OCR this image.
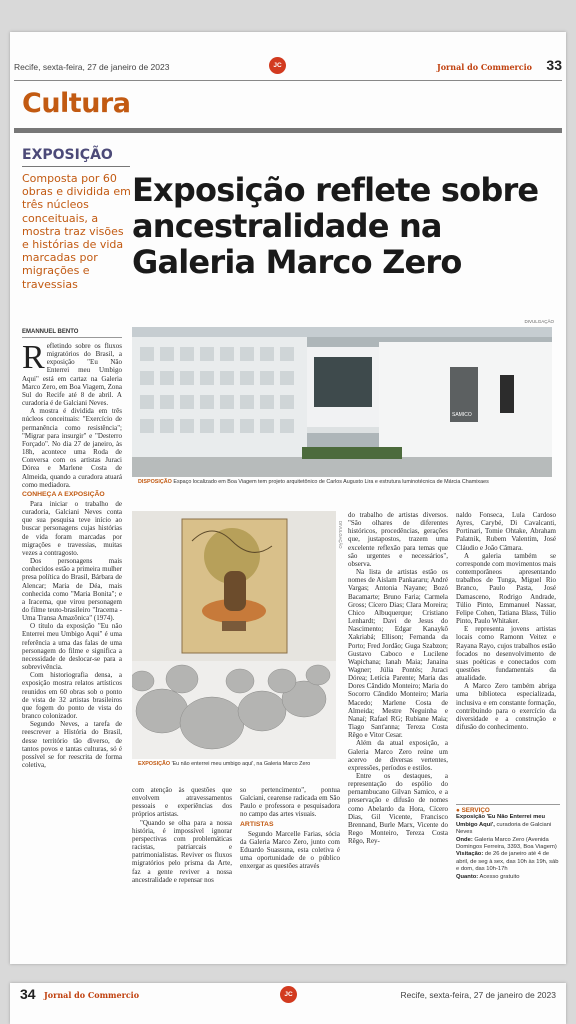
Recife, sexta-feira, 27 de janeiro de 2023	JC	Jornal do Commercio 33
Cultura
EXPOSIÇÃO
Composta por 60 obras e dividida em três núcleos conceituais, a mostra traz visões e histórias de vida marcadas por migrações e travessias
Exposição reflete sobre ancestralidade na Galeria Marco Zero
DIVULGAÇÃO
SAMICO
DISPOSIÇÃO Espaço localizado em Boa Viagem tem projeto arquitetônico de Carlos Augusto Lira e estrutura luminotécnica de Márcia Chamixaes
EMANNUEL BENTO
R efletindo sobre os fluxos migratórios do Brasil, a exposição "Eu Não Enterrei meu Umbigo Aqui" está em cartaz na Galeria Marco Zero, em Boa Viagem, Zona Sul do Recife até 8 de abril. A curadoria é de Galciani Neves.

A mostra é dividida em três núcleos conceituais: "Exercício de permanência como resistência"; "Migrar para insurgir" e "Desterro Forçado". No dia 27 de janeiro, às 18h, acontece uma Roda de Conversa com os artistas Juraci Dórea e Marlene Costa de Almeida, quando a curadora atuará como mediadora.

CONHEÇA A EXPOSIÇÃO

Para iniciar o trabalho de curadoria, Galciani Neves conta que sua pesquisa teve início ao buscar personagens cujas histórias de vida foram marcadas por migrações e travessias, muitas vezes a contragosto.

Dos personagens mais conhecidos estão a primeira mulher presa política do Brasil, Bárbara de Alencar; Maria de Déa, mais conhecida como "Maria Bonita"; e a Iracema, que virou personagem do filme teuto-brasileiro "Iracema - Uma Transa Amazônica" (1974).

O título da exposição "Eu não Enterrei meu Umbigo Aqui" é uma referência a uma das falas de uma personagem do filme e significa a necessidade de deslocar-se para a sobrevivência.

Com historiografia densa, a exposição mostra relatos artísticos reunidos em 60 obras sob o ponto de vista de 32 artistas brasileiros que fogem do ponto de vista do branco colonizador.

Segundo Neves, a tarefa de reescrever a História do Brasil, desse território tão diverso, de tantos povos e tantas culturas, só é possível se for reescrita de forma coletiva,

DIVULGAÇÃO
EXPOSIÇÃO 'Eu não enterrei meu umbigo aqui', na Galeria Marco Zero

com atenção às questões que envolvem atravessamentos pessoais e experiências dos próprios artistas.

"Quando se olha para a nossa história, é impossível ignorar perspectivas com problemáticas racistas, patriarcais e patrimonialistas. Reviver os fluxos migratórios pelo prisma da Arte, faz a gente reviver a nossa ancestralidade e repensar nos

so pertencimento", pontua Galciani, cearense radicada em São Paulo e professora e pesquisadora no campo das artes visuais.

ARTISTAS

Segundo Marcelle Farias, sócia da Galeria Marco Zero, junto com Eduardo Suassuna, esta coletiva é uma oportunidade de o público enxergar as questões através

do trabalho de artistas diversos. "São olhares de diferentes históricos, procedências, gerações que, justapostos, trazem uma excelente reflexão para temas que são urgentes e necessários", observa.

Na lista de artistas estão os nomes de Aislam Pankararu; André Vargas; Antonia Nayane; Bozó Bacamarte; Bruno Faria; Carmela Gross; Cícero Dias; Clara Moreira; Chico Albuquerque; Cristiano Lenhardt; Davi de Jesus do Nascimento; Edgar Kanaykõ Xakriabá; Ellison; Fernanda da Porto; Fred Jordão; Guga Szabzon; Gustavo Caboco e Lucilene Wapichana; Ianah Maia; Janaina Wagner; Júlia Pontés; Juraci Dórea; Letícia Parente; Maria das Dores Cândido Monteiro; Maria do Socorro Cândido Monteiro; Maria Macedo; Marlene Costa de Almeida; Mestre Neguinha e Nanaí; Rafael RG; Rubiane Maia; Tiago Sant'anna; Tereza Costa Rêgo e Vitor Cesar.

Além da atual exposição, a Galeria Marco Zero reúne um acervo de diversas vertentes, expressões, períodos e estilos.

Entre os destaques, a representação do espólio do pernambucano Gilvan Samico, e a preservação e difusão de nomes como Abelardo da Hora, Cícero Dias, Gil Vicente, Francisco Brennand, Burle Marx, Vicente do Rego Monteiro, Tereza Costa Rêgo, Rey-

naldo Fonseca, Lula Cardoso Ayres, Carybé, Di Cavalcanti, Portinari, Tomie Ohtake, Abraham Palatnik, Rubem Valentim, José Cláudio e João Câmara.

A galeria também se corresponde com movimentos mais contemporâneos apresentando trabalhos de Tunga, Miguel Rio Branco, Paulo Pasta, José Damasceno, Rodrigo Andrade, Túlio Pinto, Emmanuel Nassar, Felipe Cohen, Tatiana Blass, Túlio Pinto, Paulo Whitaker.

E representa jovens artistas locais como Ramonn Veitez e Rayana Rayo, cujos trabalhos estão focados no desenvolvimento de suas poéticas e conectados com questões fundamentais da atualidade.

A Marco Zero também abriga uma biblioteca especializada, inclusiva e em constante formação, contribuindo para o exercício da diversidade e a construção e difusão do conhecimento.

● SERVIÇO
Exposição 'Eu Não Enterrei meu Umbigo Aqui', curadoria de Galciani Neves
Onde: Galeria Marco Zero (Avenida Domingos Ferreira, 3393, Boa Viagem)
Visitação: de 26 de janeiro até 4 de abril, de seg à sex, das 10h às 19h, sáb e dom, das 10h-17h
Quanto: Acesso gratuito
34 Jornal do Commercio	JC	Recife, sexta-feira, 27 de janeiro de 2023
